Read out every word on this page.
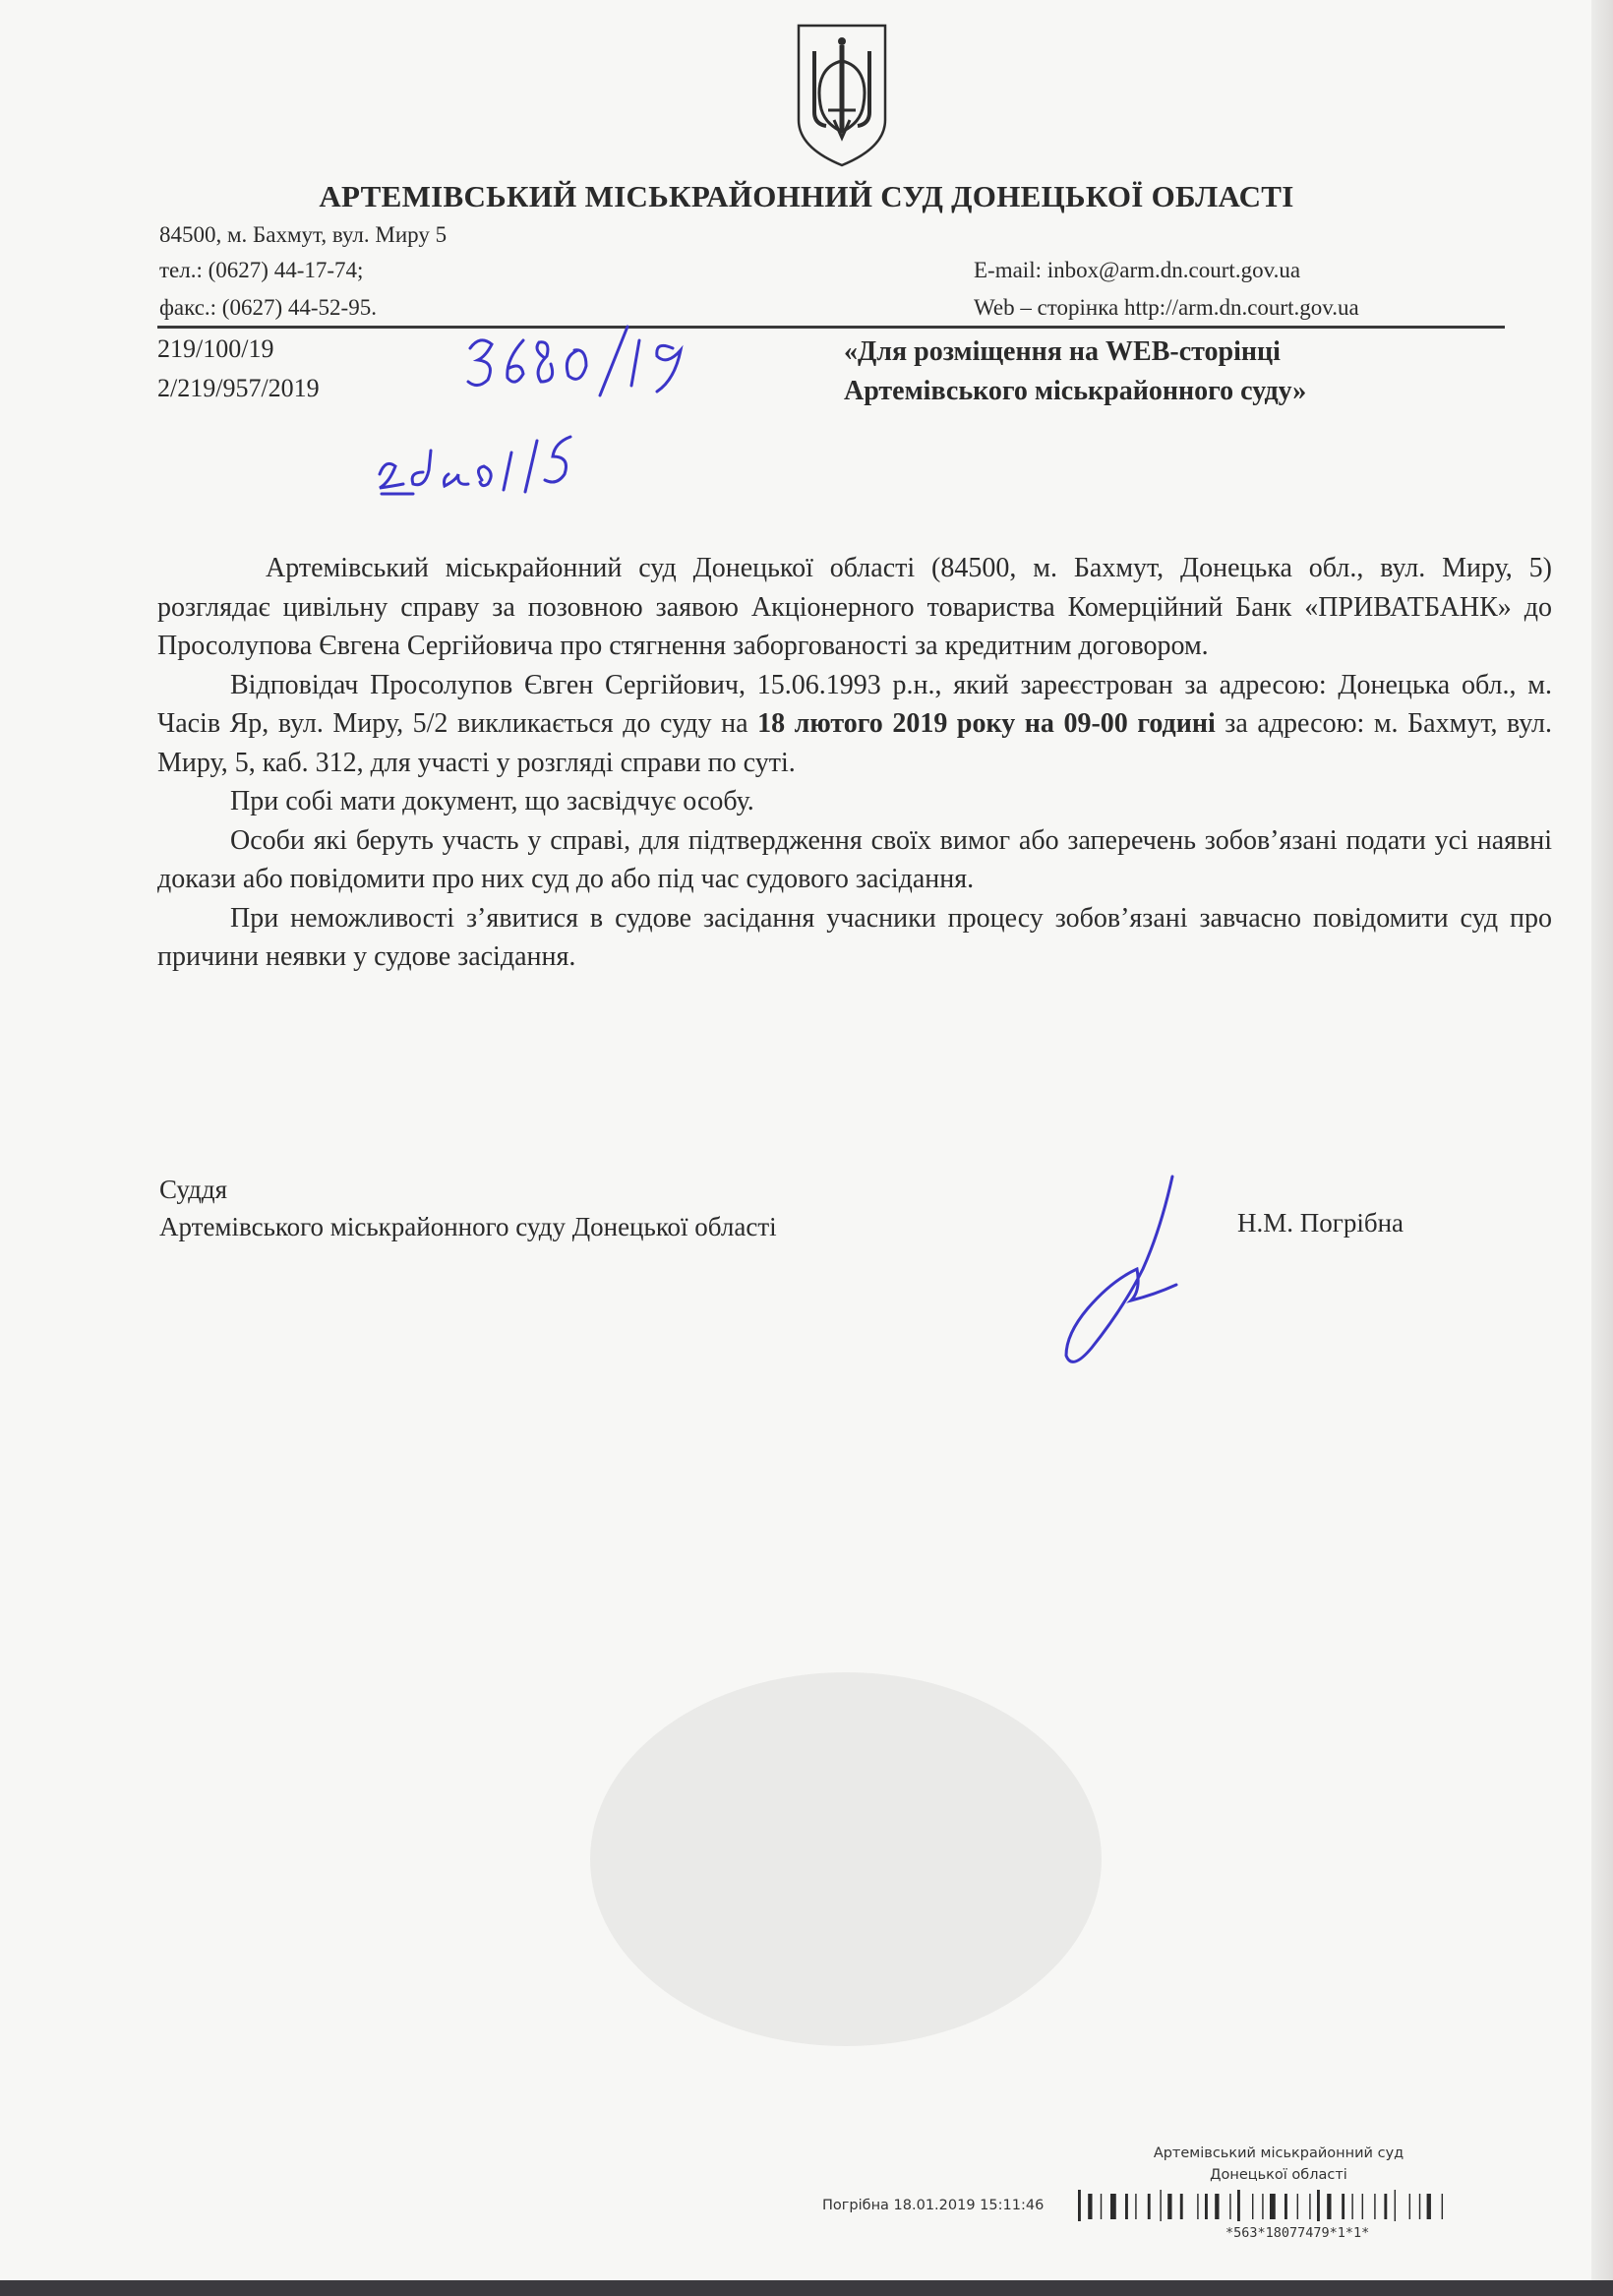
АРТЕМІВСЬКИЙ МІСЬКРАЙОННИЙ СУД ДОНЕЦЬКОЇ ОБЛАСТІ
84500, м. Бахмут, вул. Миру 5
тел.: (0627) 44-17-74;
факс.: (0627) 44-52-95.
E-mail: inbox@arm.dn.court.gov.ua
Web – сторінка http://arm.dn.court.gov.ua
219/100/19
2/219/957/2019
«Для розміщення на WEB-сторінці
Артемівського міськрайонного суду»

Артемівський міськрайонний суд Донецької області (84500, м. Бахмут, Донецька обл., вул. Миру, 5) розглядає цивільну справу за позовною заявою Акціонерного товариства Комерційний Банк «ПРИВАТБАНК» до Просолупова Євгена Сергійовича про стягнення заборгованості за кредитним договором.

Відповідач Просолупов Євген Сергійович, 15.06.1993 р.н., який зареєстрован за адресою: Донецька обл., м. Часів Яр, вул. Миру, 5/2 викликається до суду на 18 лютого 2019 року на 09-00 годині за адресою: м. Бахмут, вул. Миру, 5, каб. 312, для участі у розгляді справи по суті.

При собі мати документ, що засвідчує особу.

Особи які беруть участь у справі, для підтвердження своїх вимог або заперечень зобов’язані подати усі наявні докази або повідомити про них суд до або під час судового засідання.

При неможливості з’явитися в судове засідання учасники процесу зобов’язані завчасно повідомити суд про причини неявки у судове засідання.

Суддя
Артемівського міськрайонного суду Донецької області	Н.М. Погрібна
Артемівський міськрайонний суд
Донецької області
Погрібна 18.01.2019 15:11:46
*563*18077479*1*1*
